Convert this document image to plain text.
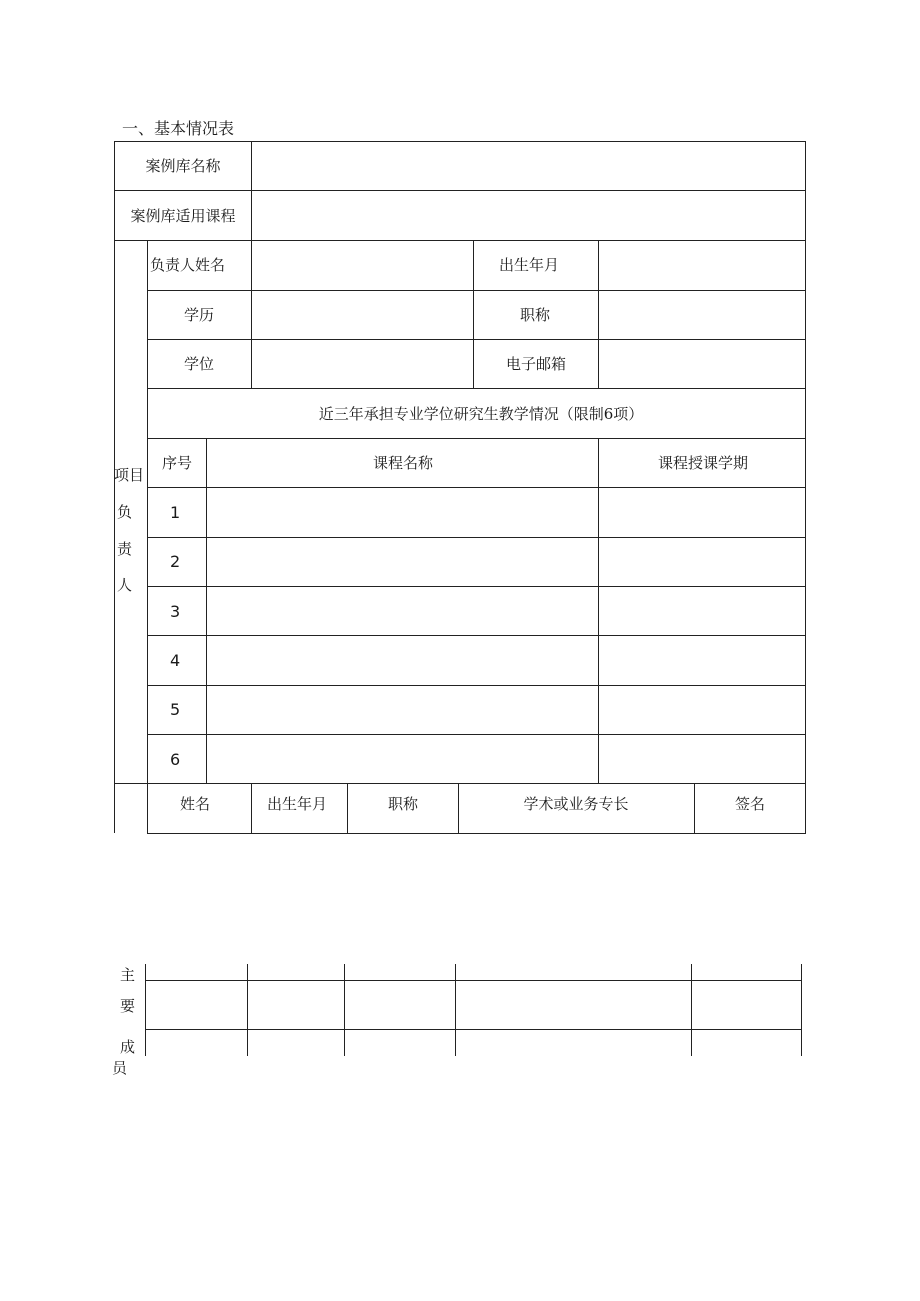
一、基本情况表
案例库名称
案例库适用课程
项目
负
责
人
负责人姓名	出生年月
学历	职称
学位	电子邮箱
近三年承担专业学位研究生教学情况（限制6项）
序号	课程名称	课程授课学期
1
2
3
4
5
6
姓名	出生年月	职称	学术或业务专长	签名
主
要
成
员
